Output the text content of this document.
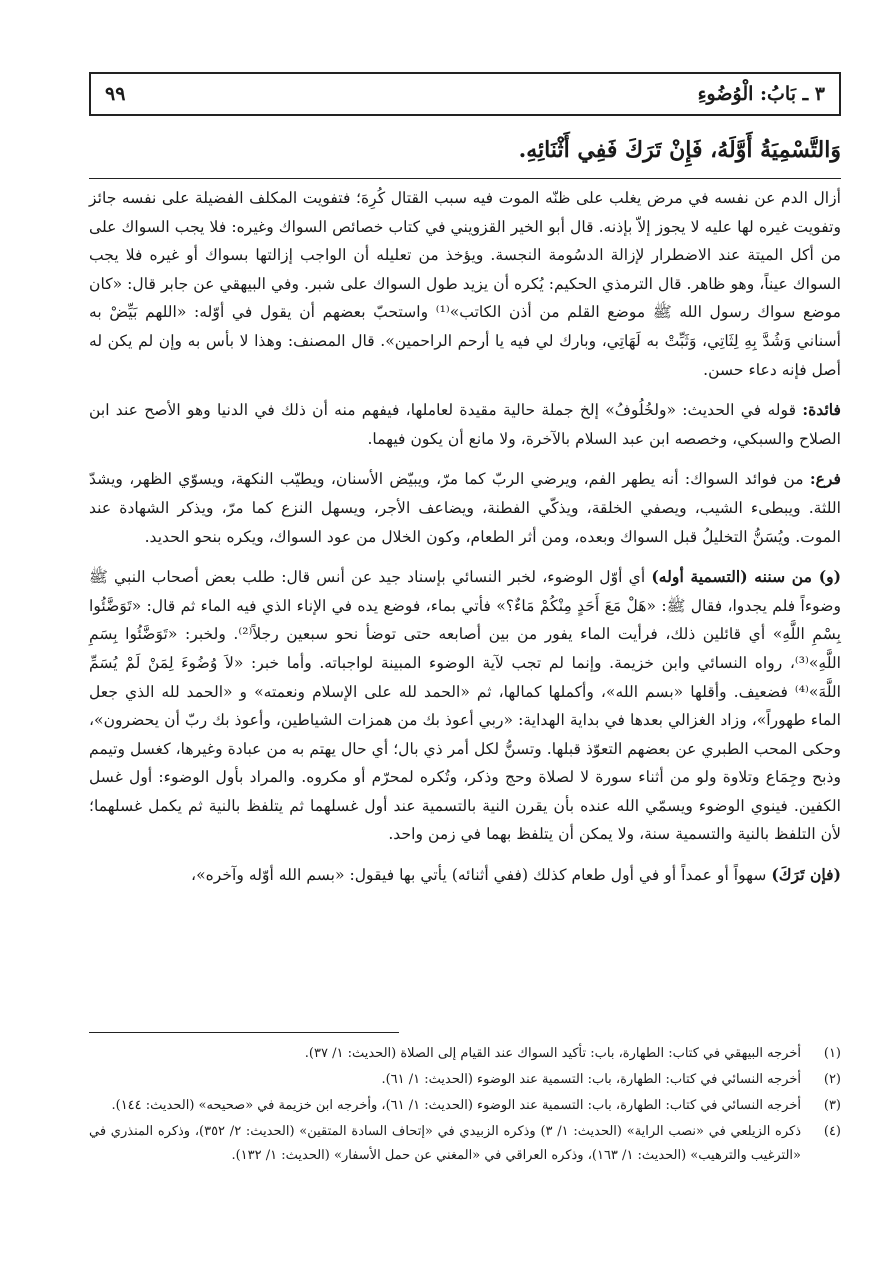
٣ ـ بَابُ: الْوُضُوءِ
٩٩
وَالتَّسْمِيَةُ أَوَّلَهُ، فَإِنْ تَرَكَ فَفِي أَثْنَائِهِ.

أزال الدم عن نفسه في مرض يغلب على ظنّه الموت فيه سبب القتال كُرِهَ؛ فتفويت المكلف الفضيلة على نفسه جائز وتفويت غيره لها عليه لا يجوز إلاّ بإذنه. قال أبو الخير القزويني في كتاب خصائص السواك وغيره: فلا يجب السواك على من أكل الميتة عند الاضطرار لإزالة الدسُومة النجسة. ويؤخذ من تعليله أن الواجب إزالتها بسواك أو غيره فلا يجب السواك عيناً، وهو ظاهر. قال الترمذي الحكيم: يُكره أن يزيد طول السواك على شبر. وفي البيهقي عن جابر قال: «كان موضع سواك رسول الله ﷺ موضع القلم من أذن الكاتب»⁽¹⁾ واستحبّ بعضهم أن يقول في أوّله: «اللهم بَيِّضْ به أسناني وَشُدَّ بِهِ لِثَاتِي، وَثَبِّتْ به لَهَاتِي، وبارك لي فيه يا أرحم الراحمين». قال المصنف: وهذا لا بأس به وإن لم يكن له أصل فإنه دعاء حسن.

فائدة: قوله في الحديث: «ولخُلُوفُ» إلخ جملة حالية مقيدة لعاملها، فيفهم منه أن ذلك في الدنيا وهو الأصح عند ابن الصلاح والسبكي، وخصصه ابن عبد السلام بالآخرة، ولا مانع أن يكون فيهما.

فرع: من فوائد السواك: أنه يطهر الفم، ويرضي الربّ كما مرّ، ويبيّض الأسنان، ويطيّب النكهة، ويسوّي الظهر، ويشدّ اللثة. ويبطىء الشيب، ويصفي الخلقة، ويذكّي الفطنة، ويضاعف الأجر، ويسهل النزع كما مرّ، ويذكر الشهادة عند الموت. ويُسَنُّ التخليلُ قبل السواك وبعده، ومن أثر الطعام، وكون الخلال من عود السواك، ويكره بنحو الحديد.

(و) من سننه (التسمية أوله) أي أوّل الوضوء، لخبر النسائي بإسناد جيد عن أنس قال: طلب بعض أصحاب النبي ﷺ وضوءاً فلم يجدوا، فقال ﷺ: «هَلْ مَعَ أَحَدٍ مِنْكُمْ مَاءٌ؟» فأتي بماء، فوضع يده في الإناء الذي فيه الماء ثم قال: «تَوَضَّئُوا بِسْمِ اللَّهِ» أي قائلين ذلك، فرأيت الماء يفور من بين أصابعه حتى توضأ نحو سبعين رجلاً⁽²⁾. ولخبر: «تَوَضَّئُوا بِسَمِ اللَّهِ»⁽³⁾، رواه النسائي وابن خزيمة. وإنما لم تجب لآية الوضوء المبينة لواجباته. وأما خبر: «لاَ وُضُوءَ لِمَنْ لَمْ يُسَمِّ اللَّهَ»⁽⁴⁾ فضعيف. وأقلها «بسم الله»، وأكملها كمالها، ثم «الحمد لله على الإسلام ونعمته» و «الحمد لله الذي جعل الماء طهوراً»، وزاد الغزالي بعدها في بداية الهداية: «ربي أعوذ بك من همزات الشياطين، وأعوذ بك ربّ أن يحضرون»، وحكى المحب الطبري عن بعضهم التعوّذ قبلها. وتسنُّ لكل أمر ذي بال؛ أي حال يهتم به من عبادة وغيرها، كغسل وتيمم وذبح وجِمَاع وتلاوة ولو من أثناء سورة لا لصلاة وحج وذكر، وتُكره لمحرّم أو مكروه. والمراد بأول الوضوء: أول غسل الكفين. فينوي الوضوء ويسمّي الله عنده بأن يقرن النية بالتسمية عند أول غسلهما ثم يتلفظ بالنية ثم يكمل غسلهما؛ لأن التلفظ بالنية والتسمية سنة، ولا يمكن أن يتلفظ بهما في زمن واحد.

(فإن تَرَكَ) سهواً أو عمداً أو في أول طعام كذلك (ففي أثنائه) يأتي بها فيقول: «بسم الله أوّله وآخره»،

(١)
أخرجه البيهقي في كتاب: الطهارة، باب: تأكيد السواك عند القيام إلى الصلاة (الحديث: ١/ ٣٧).
(٢)
أخرجه النسائي في كتاب: الطهارة، باب: التسمية عند الوضوء (الحديث: ١/ ٦١).
(٣)
أخرجه النسائي في كتاب: الطهارة، باب: التسمية عند الوضوء (الحديث: ١/ ٦١)، وأخرجه ابن خزيمة في «صحيحه» (الحديث: ١٤٤).
(٤)
ذكره الزيلعي في «نصب الراية» (الحديث: ١/ ٣) وذكره الزبيدي في «إتحاف السادة المتقين» (الحديث: ٢/ ٣٥٢)، وذكره المنذري في «الترغيب والترهيب» (الحديث: ١/ ١٦٣)، وذكره العراقي في «المغني عن حمل الأسفار» (الحديث: ١/ ١٣٢).
